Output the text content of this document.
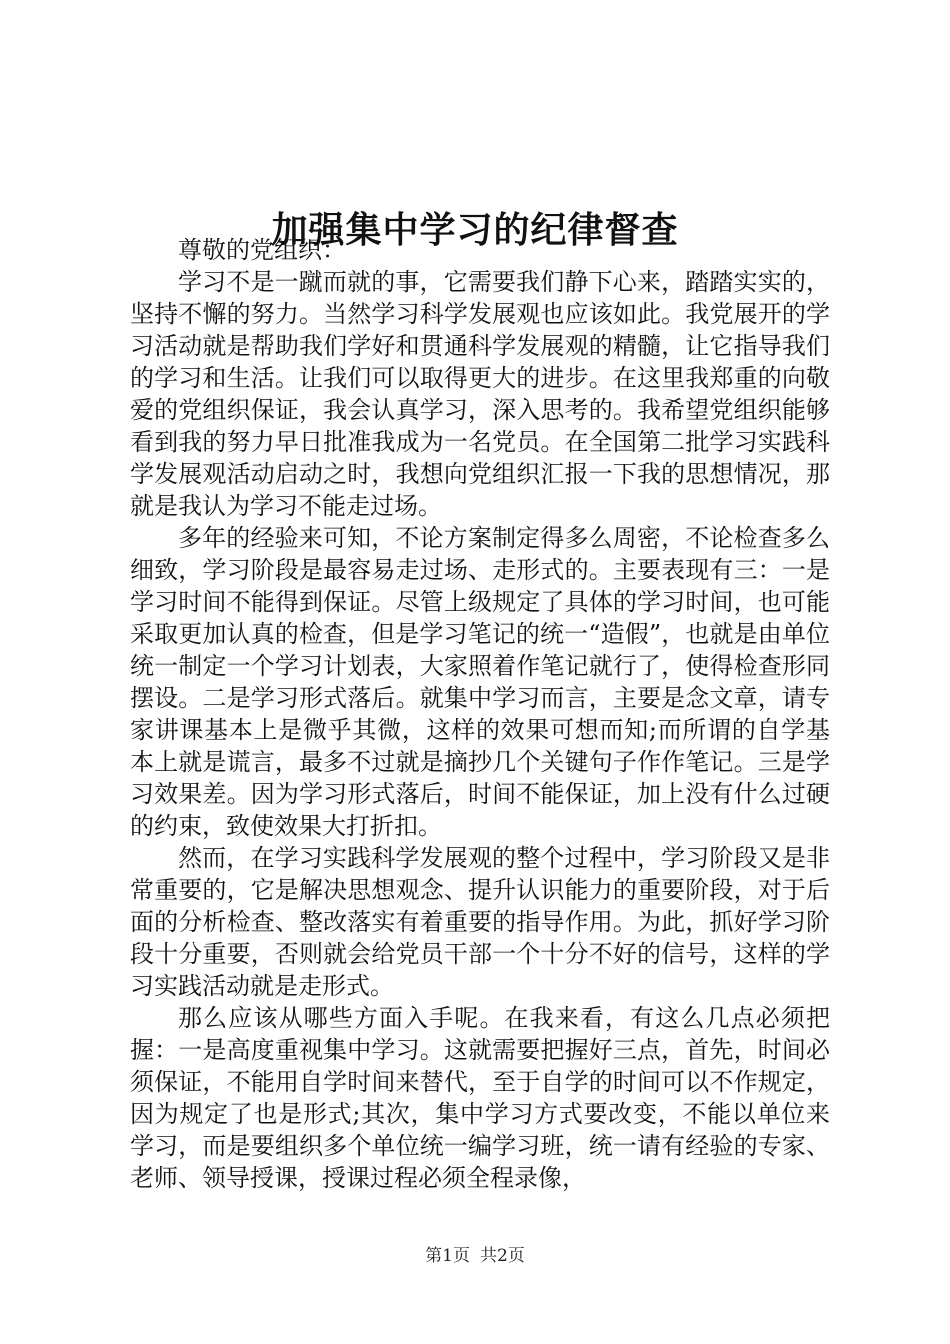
加强集中学习的纪律督查

尊敬的党组织：

学习不是一蹴而就的事，它需要我们静下心来，踏踏实实的，坚持不懈的努力。当然学习科学发展观也应该如此。我党展开的学习活动就是帮助我们学好和贯通科学发展观的精髓，让它指导我们的学习和生活。让我们可以取得更大的进步。在这里我郑重的向敬爱的党组织保证，我会认真学习，深入思考的。我希望党组织能够看到我的努力早日批准我成为一名党员。在全国第二批学习实践科学发展观活动启动之时，我想向党组织汇报一下我的思想情况，那就是我认为学习不能走过场。

多年的经验来可知，不论方案制定得多么周密，不论检查多么细致，学习阶段是最容易走过场、走形式的。主要表现有三：一是学习时间不能得到保证。尽管上级规定了具体的学习时间，也可能采取更加认真的检查，但是学习笔记的统一“造假”，也就是由单位统一制定一个学习计划表，大家照着作笔记就行了，使得检查形同摆设。二是学习形式落后。就集中学习而言，主要是念文章，请专家讲课基本上是微乎其微，这样的效果可想而知;而所谓的自学基本上就是谎言，最多不过就是摘抄几个关键句子作作笔记。三是学习效果差。因为学习形式落后，时间不能保证，加上没有什么过硬的约束，致使效果大打折扣。

然而，在学习实践科学发展观的整个过程中，学习阶段又是非常重要的，它是解决思想观念、提升认识能力的重要阶段，对于后面的分析检查、整改落实有着重要的指导作用。为此，抓好学习阶段十分重要，否则就会给党员干部一个十分不好的信号，这样的学习实践活动就是走形式。

那么应该从哪些方面入手呢。在我来看，有这么几点必须把握：一是高度重视集中学习。这就需要把握好三点，首先，时间必须保证，不能用自学时间来替代，至于自学的时间可以不作规定，因为规定了也是形式;其次，集中学习方式要改变，不能以单位来学习，而是要组织多个单位统一编学习班，统一请有经验的专家、老师、领导授课，授课过程必须全程录像，

第1页 共2页
